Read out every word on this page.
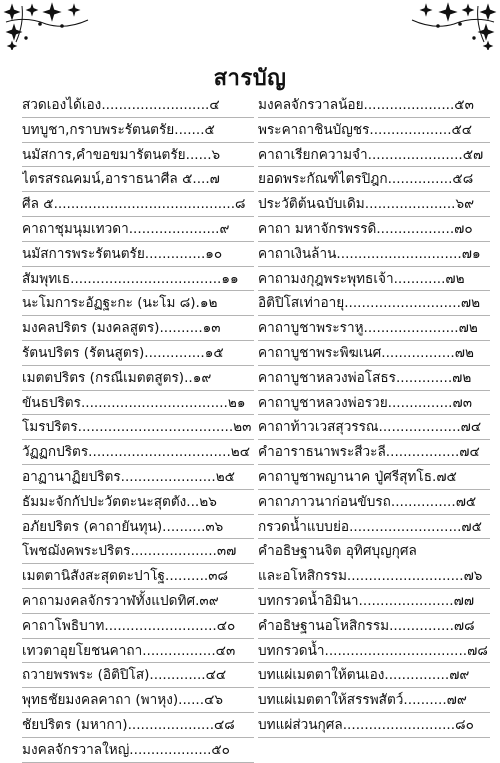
สารบัญ
สวดเองได้เอง.........................๔
บทบูชา,กราบพระรัตนตรัย.......๕
นมัสการ,คำขอขมารัตนตรัย......๖
ไตรสรณคมน์,อาราธนาศีล ๕....๗
ศีล ๕..........................................๘
คาถาชุมนุมเทวดา.....................๙
นมัสการพระรัตนตรัย..............๑๐
สัมพุทเธ...................................๑๑
นะโมการะอัฏฐะกะ (นะโม ๘).๑๒
มงคลปริตร (มงคลสูตร)..........๑๓
รัตนปริตร (รัตนสูตร)..............๑๕
เมตตปริตร (กรณีเมตตสูตร)..๑๙
ขันธปริตร..................................๒๑
โมรปริตร....................................๒๓
วัฏฏกปริตร.................................๒๔
อาฏานาฏิยปริตร......................๒๕
ธัมมะจักกัปปะวัตตะนะสุตตัง...๒๖
อภัยปริตร (คาถายันทุน)..........๓๖
โพชฌังคพระปริตร....................๓๗
เมตตานิสังสะสุตตะปาโฐ..........๓๘
คาถามงคลจักรวาฬทั้งแปดทิศ.๓๙
คาถาโพธิบาท..........................๔๐
เทวตาอุยโยชนคาถา.................๔๓
ถวายพรพระ (อิติปิโส).............๔๔
พุทธชัยมงคลคาถา (พาหุง)......๔๖
ชัยปริตร (มหากา)....................๔๘
มงคลจักรวาลใหญ่...................๕๐
มงคลจักรวาลน้อย.....................๕๓
พระคาถาชินบัญชร...................๕๔
คาถาเรียกความจำ......................๕๗
ยอดพระกัณฑ์ไตรปิฎก...............๕๘
ประวัติต้นฉบับเดิม.....................๖๙
คาถา มหาจักรพรรดิ..................๗๐
คาถาเงินล้าน.............................๗๑
คาถามงกุฎพระพุทธเจ้า............๗๒
อิติปิโสเท่าอายุ...........................๗๒
คาถาบูชาพระราหู......................๗๒
คาถาบูชาพระพิฆเนศ.................๗๒
คาถาบูชาหลวงพ่อโสธร.............๗๒
คาถาบูชาหลวงพ่อรวย...............๗๓
คาถาท้าวเวสสุวรรณ...................๗๔
คำอาราธนาพระสีวะลี.................๗๔
คาถาบูชาพญานาค ปู่ศรีสุทโธ.๗๕
คาถาภาวนาก่อนขับรถ...............๗๕
กรวดน้ำแบบย่อ..........................๗๕
คำอธิษฐานจิต อุทิศบุญกุศล
และอโหสิกรรม...........................๗๖
บทกรวดน้ำอิมินา......................๗๗
คำอธิษฐานอโหสิกรรม...............๗๘
บทกรวดน้ำ.................................๗๘
บทแผ่เมตตาให้ตนเอง...............๗๙
บทแผ่เมตตาให้สรรพสัตว์..........๗๙
บทแผ่ส่วนกุศล..........................๘๐
